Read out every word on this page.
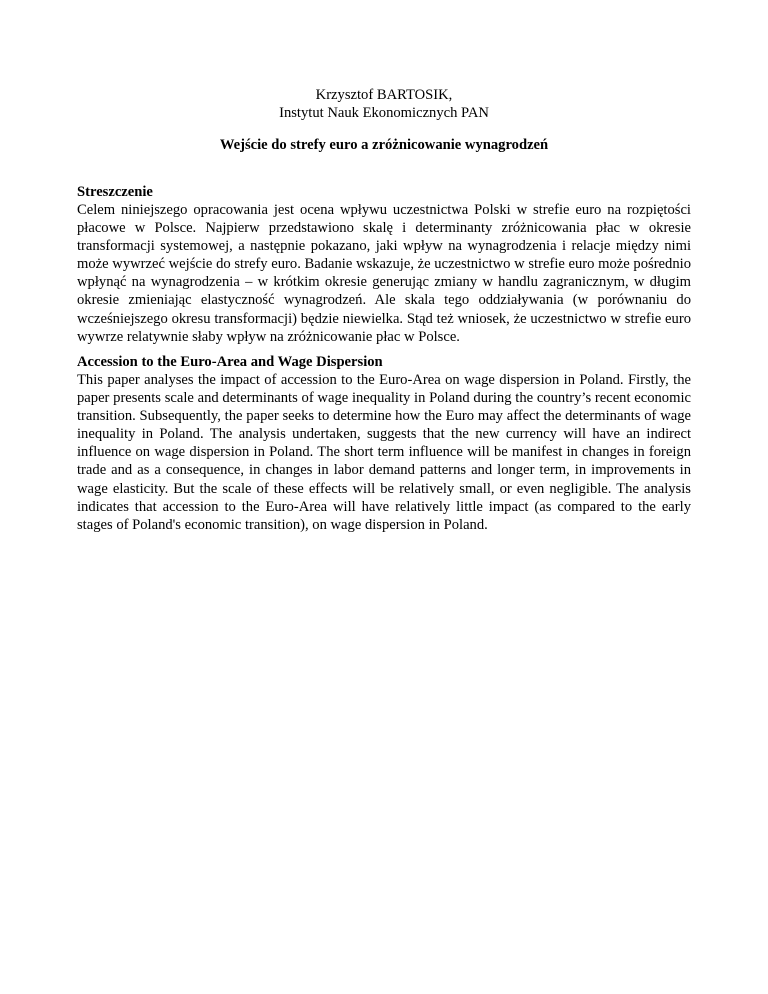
Krzysztof BARTOSIK,
Instytut Nauk Ekonomicznych PAN
Wejście do strefy euro a zróżnicowanie wynagrodzeń
Streszczenie

Celem niniejszego opracowania jest ocena wpływu uczestnictwa Polski w strefie euro na rozpiętości płacowe w Polsce. Najpierw przedstawiono skalę i determinanty zróżnicowania płac w okresie transformacji systemowej, a następnie pokazano, jaki wpływ na wynagrodzenia i relacje między nimi może wywrzeć wejście do strefy euro. Badanie wskazuje, że uczestnictwo w strefie euro może pośrednio wpłynąć na wynagrodzenia – w krótkim okresie generując zmiany w handlu zagranicznym, w długim okresie zmieniając elastyczność wynagrodzeń. Ale skala tego oddziaływania (w porównaniu do wcześniejszego okresu transformacji) będzie niewielka. Stąd też wniosek, że uczestnictwo w strefie euro wywrze relatywnie słaby wpływ na zróżnicowanie płac w Polsce.

Accession to the Euro-Area and Wage Dispersion

This paper analyses the impact of accession to the Euro-Area on wage dispersion in Poland. Firstly, the paper presents scale and determinants of wage inequality in Poland during the country’s recent economic transition. Subsequently, the paper seeks to determine how the Euro may affect the determinants of wage inequality in Poland. The analysis undertaken, suggests that the new currency will have an indirect influence on wage dispersion in Poland. The short term influence will be manifest in changes in foreign trade and as a consequence, in changes in labor demand patterns and longer term, in improvements in wage elasticity. But the scale of these effects will be relatively small, or even negligible. The analysis indicates that accession to the Euro-Area will have relatively little impact (as compared to the early stages of Poland's economic transition), on wage dispersion in Poland.
